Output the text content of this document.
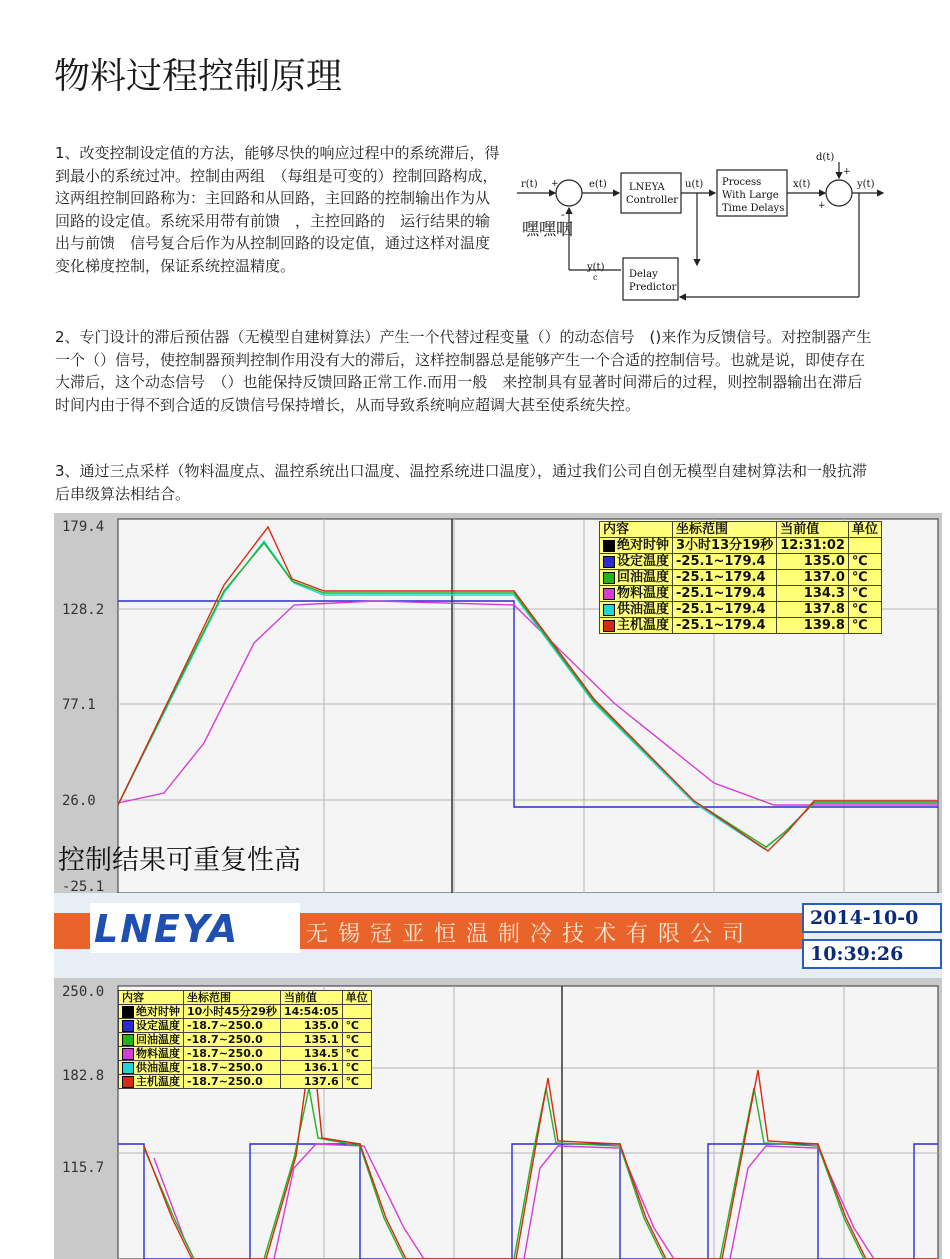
物料过程控制原理

1、改变控制设定值的方法，能够尽快的响应过程中的系统滞后，得到最小的系统过冲。控制由两组　（每组是可变的）控制回路构成，这两组控制回路称为：主回路和从回路，主回路的控制输出作为从回路的设定值。系统采用带有前馈　，主控回路的　运行结果的输出与前馈　信号复合后作为从控制回路的设定值，通过这样对温度变化梯度控制，保证系统控温精度。

r(t)	e(t) LNEYA
Controller
u(t) Process
With Large
Time Delays
x(t)	y(t)
d(t)
y(t)
c	Delay
Predictor
+
-
+
+
嘿嘿咽

2、专门设计的滞后预估器（无模型自建树算法）产生一个代替过程变量（）的动态信号　()来作为反馈信号。对控制器产生一个（）信号，使控制器预判控制作用没有大的滞后，这样控制器总是能够产生一个合适的控制信号。也就是说，即使存在大滞后，这个动态信号　（）也能保持反馈回路正常工作.而用一般　来控制具有显著时间滞后的过程，则控制器输出在滞后时间内由于得不到合适的反馈信号保持增长，从而导致系统响应超调大甚至使系统失控。

3、通过三点采样（物料温度点、温控系统出口温度、温控系统进口温度），通过我们公司自创无模型自建树算法和一般抗滞后串级算法相结合。

179.4
128.2
77.1
26.0
-25.1
内容	坐标范围	当前值	单位
绝对时钟	3小时13分19秒	12:31:02	
设定温度	-25.1~179.4	135.0	℃
回油温度	-25.1~179.4	137.0	℃
物料温度	-25.1~179.4	134.3	℃
供油温度	-25.1~179.4	137.8	℃
主机温度	-25.1~179.4	139.8	℃
控制结果可重复性高
LNEYA	无锡冠亚恒温制冷技术有限公司
2014-10-0
10:39:26
250.0
182.8
115.7
内容	坐标范围	当前值	单位
绝对时钟	10小时45分29秒	14:54:05	
设定温度	-18.7~250.0	135.0	℃
回油温度	-18.7~250.0	135.1	℃
物料温度	-18.7~250.0	134.5	℃
供油温度	-18.7~250.0	136.1	℃
主机温度	-18.7~250.0	137.6	℃
